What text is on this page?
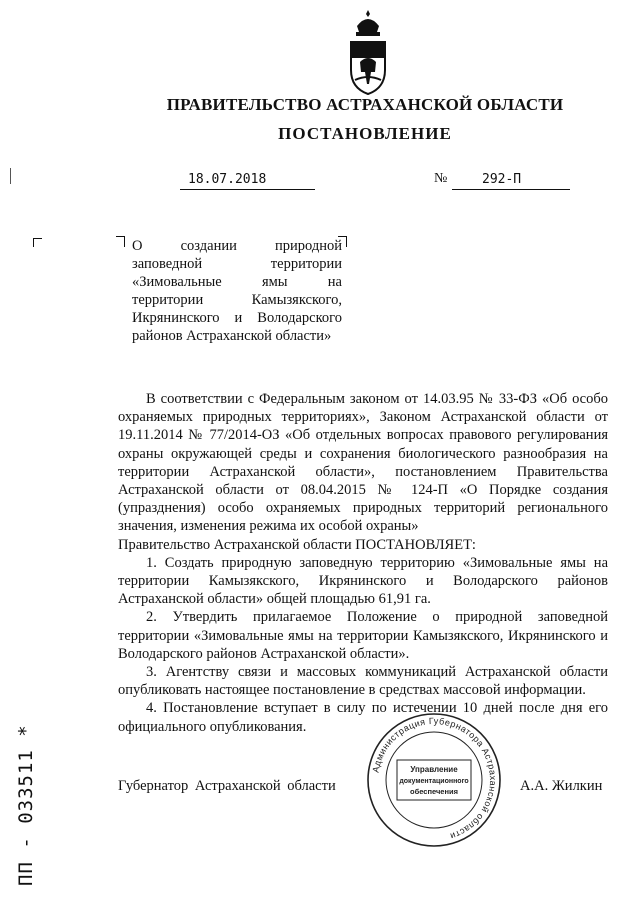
ПРАВИТЕЛЬСТВО АСТРАХАНСКОЙ ОБЛАСТИ
ПОСТАНОВЛЕНИЕ
18.07.2018	№	292-П
О создании природной заповедной территории «Зимовальные ямы на территории Камызякского, Икрянинского и Володарского районов Астраханской области»

В соответствии с Федеральным законом от 14.03.95 № 33-ФЗ «Об особо охраняемых природных территориях», Законом Астраханской области от 19.11.2014 № 77/2014-ОЗ «Об отдельных вопросах правового регулирования охраны окружающей среды и сохранения биологического разнообразия на территории Астраханской области», постановлением Правительства Астраханской области от 08.04.2015 № 124-П «О Порядке создания (упразднения) особо охраняемых природных территорий регионального значения, изменения режима их особой охраны»

Правительство Астраханской области ПОСТАНОВЛЯЕТ:

1. Создать природную заповедную территорию «Зимовальные ямы на территории Камызякского, Икрянинского и Володарского районов Астраханской области» общей площадью 61,91 га.

2. Утвердить прилагаемое Положение о природной заповедной территории «Зимовальные ямы на территории Камызякского, Икрянинского и Володарского районов Астраханской области».

3. Агентству связи и массовых коммуникаций Астраханской области опубликовать настоящее постановление в средствах массовой информации.

4. Постановление вступает в силу по истечении 10 дней после дня его официального опубликования.

Губернатор Астраханской области	А.А. Жилкин
Администрация Губернатора Астраханской области
Управление
документационного
обеспечения
ПП - 033511 *
